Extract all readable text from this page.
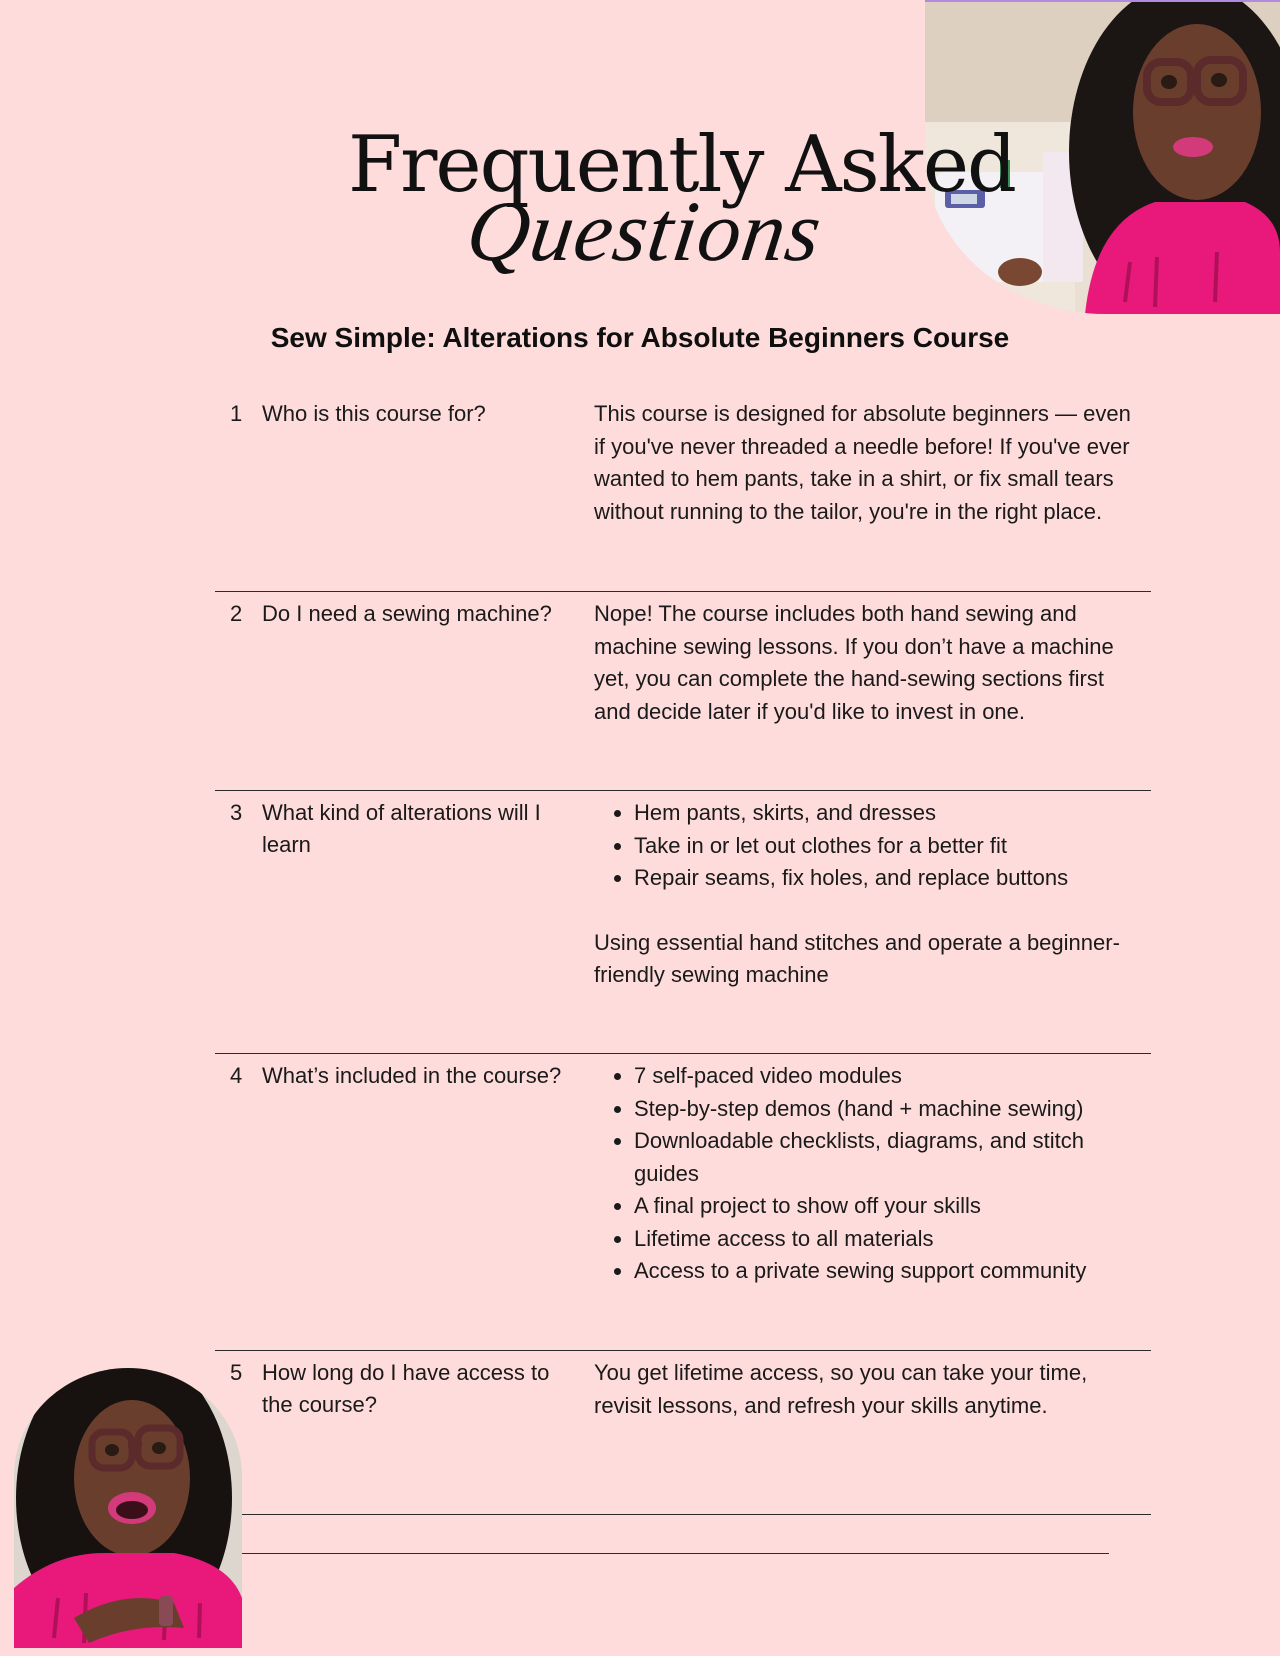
Frequently Asked
Questions
Sew Simple: Alterations for Absolute Beginners Course
1 Who is this course for?	This course is designed for absolute beginners — even if you've never threaded a needle before! If you've ever wanted to hem pants, take in a shirt, or fix small tears without running to the tailor, you're in the right place.

2 Do I need a sewing machine?	Nope! The course includes both hand sewing and machine sewing lessons. If you don’t have a machine yet, you can complete the hand-sewing sections first and decide later if you'd like to invest in one.

3 What kind of alterations will I learn
• Hem pants, skirts, and dresses
• Take in or let out clothes for a better fit
• Repair seams, fix holes, and replace buttons

Using essential hand stitches and operate a beginner-friendly sewing machine

4 What’s included in the course?
•	7 self-paced video modules
• Step-by-step demos (hand + machine sewing)
• Downloadable checklists, diagrams, and stitch guides
• A final project to show off your skills
• Lifetime access to all materials
• Access to a private sewing support community
5 How long do I have access to the course?

You get lifetime access, so you can take your time, revisit lessons, and refresh your skills anytime.
